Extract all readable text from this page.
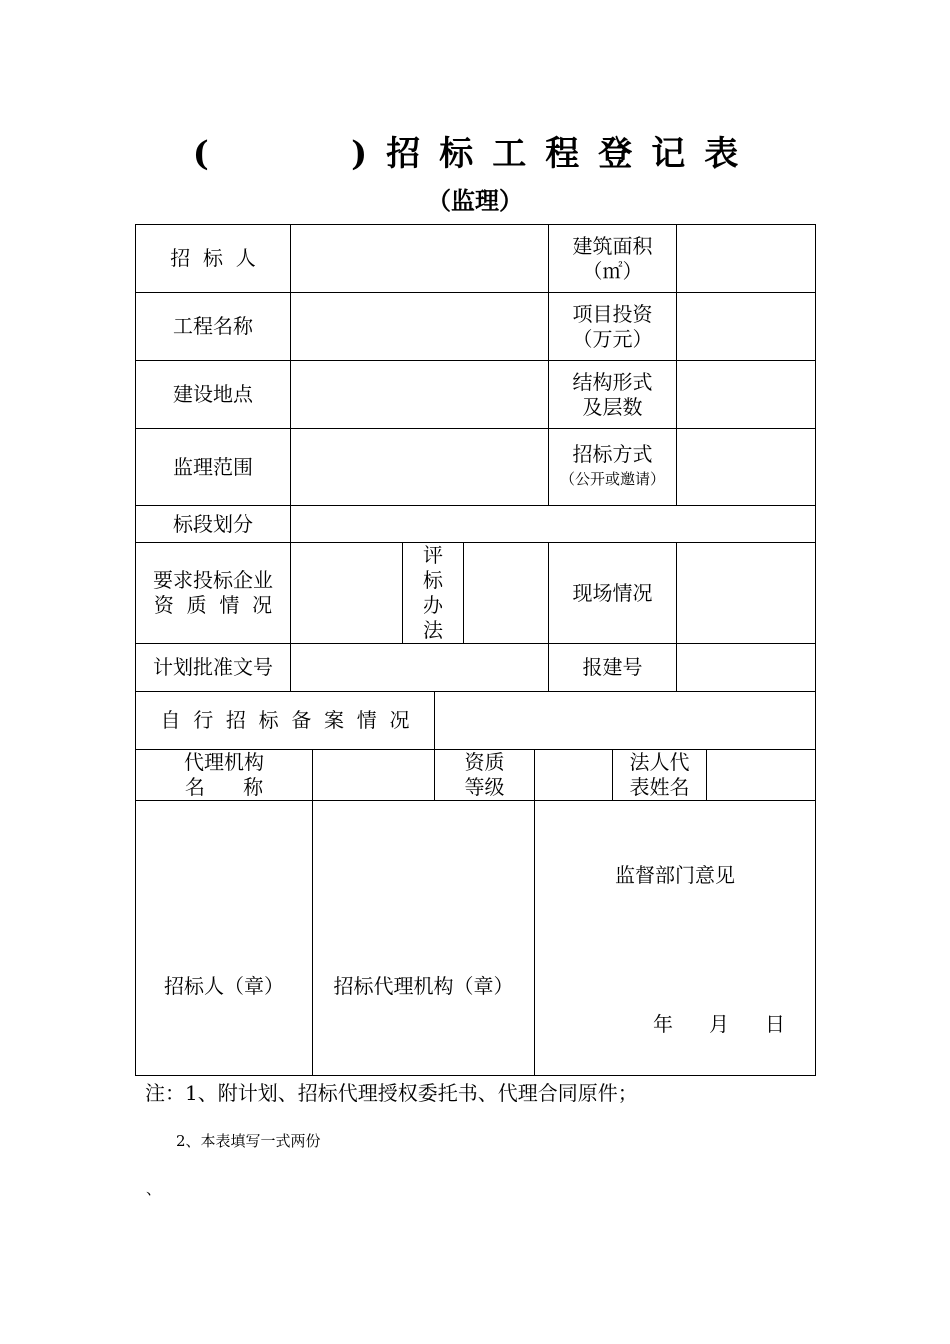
(    )招标工程登记表
（监理）
招  标  人
建筑面积
（㎡）
工程名称
项目投资
（万元）
建设地点
结构形式
及层数
监理范围
招标方式
（公开或邀请）
标段划分
要求投标企业
资  质  情  况
评
标
办
法
现场情况
计划批准文号	报建号
自  行  招  标  备  案  情  况
代理机构
名      称
资质
等级
法人代
表姓名
招标人（章）	招标代理机构（章）
监督部门意见
年 月 日
注：1、附计划、招标代理授权委托书、代理合同原件；
2、本表填写一式两份
、
